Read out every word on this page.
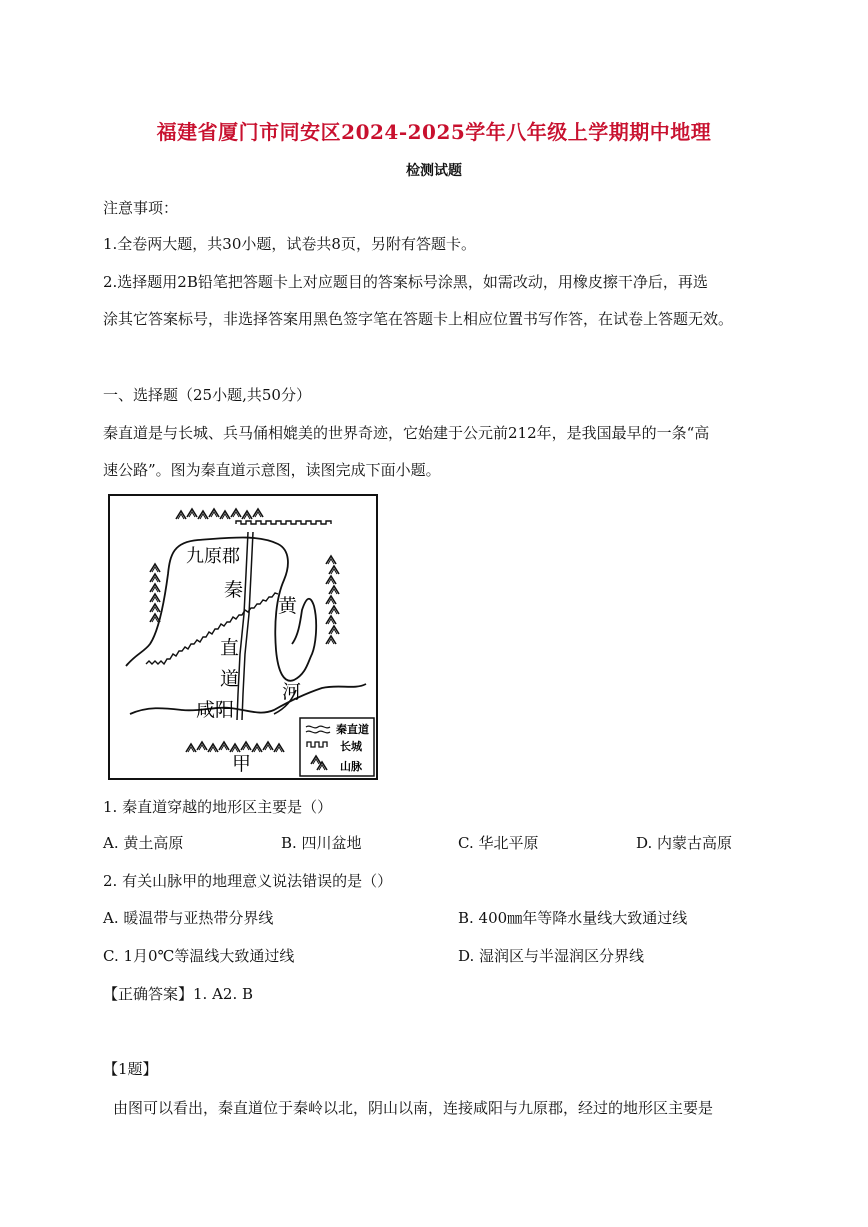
福建省厦门市同安区2024-2025学年八年级上学期期中地理
检测试题
注意事项：
1.全卷两大题，共30小题，试卷共8页，另附有答题卡。
2.选择题用2B铅笔把答题卡上对应题目的答案标号涂黑，如需改动，用橡皮擦干净后，再选
涂其它答案标号，非选择答案用黑色签字笔在答题卡上相应位置书写作答，在试卷上答题无效。
一、选择题（25小题,共50分）
秦直道是与长城、兵马俑相媲美的世界奇迹，它始建于公元前212年，是我国最早的一条“高
速公路”。图为秦直道示意图，读图完成下面小题。
秦直道
长城
山脉
九原郡
秦
直
道
咸阳
黄
河
甲
1. 秦直道穿越的地形区主要是（）
A. 黄土高原	B. 四川盆地	C. 华北平原	D. 内蒙古高原
2. 有关山脉甲的地理意义说法错误的是（）
A. 暖温带与亚热带分界线	B. 400㎜年等降水量线大致通过线
C. 1月0℃等温线大致通过线	D. 湿润区与半湿润区分界线
【正确答案】1. A2. B
【1题】
由图可以看出，秦直道位于秦岭以北，阴山以南，连接咸阳与九原郡，经过的地形区主要是
